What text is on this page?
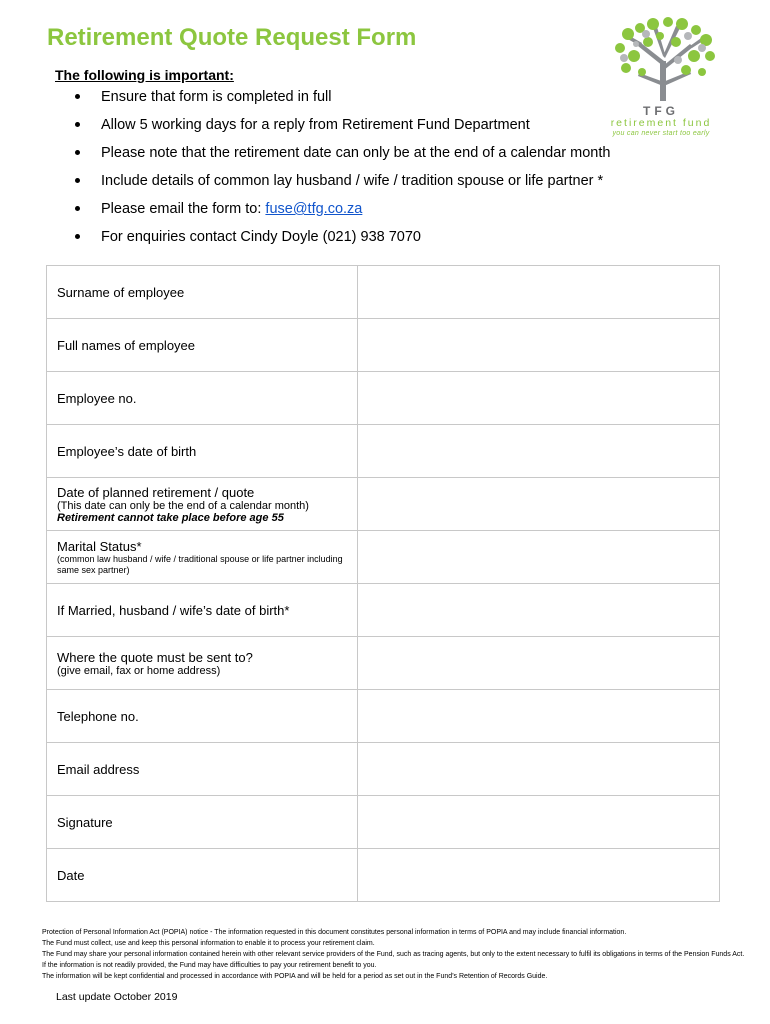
Retirement Quote Request Form
TFG
retirement fund
you can never start too early
The following is important:
Ensure that form is completed in full
Allow 5 working days for a reply from Retirement Fund Department
Please note that the retirement date can only be at the end of a calendar month
Include details of common lay husband / wife / tradition spouse or life partner *
Please email the form to: fuse@tfg.co.za
For enquiries contact Cindy Doyle (021) 938 7070
Surname of employee	
Full names of employee	
Employee no.	
Employee’s date of birth	

Date of planned retirement / quote
(This date can only be the end of a calendar month)
Retirement cannot take place before age 55	

Marital Status*
(common law husband / wife / traditional spouse or life partner including same sex partner)	

If Married, husband / wife’s date of birth*	

Where the quote must be sent to?
(give email, fax or home address)	

Telephone no.	
Email address	
Signature	
Date	
Protection of Personal Information Act (POPIA) notice - The information requested in this document constitutes personal information in terms of POPIA and may include financial information.
The Fund must collect, use and keep this personal information to enable it to process your retirement claim.
The Fund may share your personal information contained herein with other relevant service providers of the Fund, such as tracing agents, but only to the extent necessary to fulfil its obligations in terms of the Pension Funds Act.
If the information is not readily provided, the Fund may have difficulties to pay your retirement benefit to you.
The information will be kept confidential and processed in accordance with POPIA and will be held for a period as set out in the Fund’s Retention of Records Guide.
Last update October 2019
